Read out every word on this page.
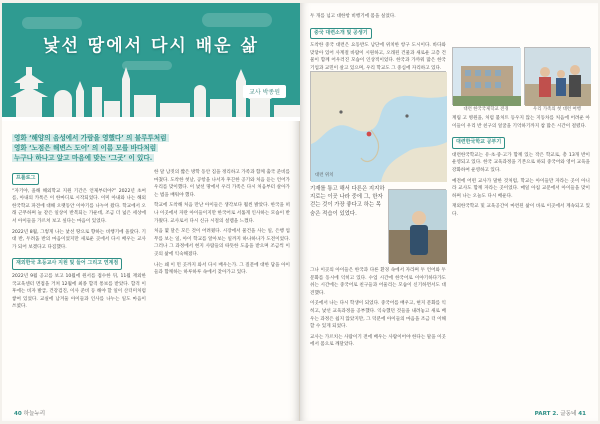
낯선 땅에서 다시 배운 삶
교사 박종원

영화 ‘해양의 음성에서 가람을 영했다’ 의 불루투처럼

영화 ‘노점은 해변스 도어’ 의 이름 모를 바다처럼

누구나 하나고 앞고 마음에 맞는 ‘그곳’ 이 있다.

프롤로그

“자기야, 올해 해외학교 지원 기간은 언제부터야?” 2022년 초여름, 아내의 카톡은 이 한마디로 시작되었다. 이미 아내와 나는 해외 한국학교 파견에 대해 오랫동안 이야기를 나누어 왔다. 학교에서 오래 근무하며 늘 같은 일상이 반복되는 가운데, 조금 더 넓은 세상에서 아이들을 가르쳐 보고 싶다는 마음이 있었다.

2022년 8월, 그렇게 나는 낯선 땅으로 향하는 비행기에 올랐다. 기대 반, 두려움 반의 마음이었지만 새로운 곳에서 다시 배우는 교사가 되어 보겠다고 다짐했다.

재외한국 초등교사 지원 및 들어 그리고 연계점

2022년 9월 공고를 보고 10월에 원서를 접수한 뒤, 11월 재외한국교육센터 면접을 거쳐 12월에 최종 합격 통보를 받았다. 합격 이후에는 비자 발급, 건강검진, 이사 준비 등 해야 할 일이 산더미처럼 쌓여 있었다. 교실에 남겨둘 아이들과 인사를 나누는 일도 마음이 쓰였다.

한 달 남짓의 짧은 방학 동안 짐을 정리하고 가족과 함께 출국 준비를 마쳤다. 도착한 첫날, 공항을 나서자 후끈한 공기와 처음 듣는 언어가 우리를 맞이했다. 이 낯선 땅에서 우리 가족은 다시 처음부터 살아가는 법을 배워야 했다.

학교에 도착해 처음 만난 아이들은 생각보다 훨씬 밝았다. 한국을 떠나 이곳에서 자란 아이들이지만 한국어로 서툴게 인사하는 모습이 반가웠다. 교사로서 다시 신규 시절의 설렘을 느꼈다.

처음 몇 달은 모든 것이 어려웠다. 시장에서 물건을 사는 일, 은행 업무를 보는 일, 아이 학교를 알아보는 일까지 하나하나가 도전이었다. 그러나 그 과정에서 현지 사람들의 따뜻한 도움을 받으며 조금씩 이곳의 삶에 익숙해졌다.

나는 왜 이 먼 곳까지 와서 다시 배우는가. 그 질문에 대한 답을 아이들과 함께하는 하루하루 속에서 찾아가고 있다.

40 하늘누리

두 개를 넘고 대한항 비행기에 몸을 실었다.

중국 대련소개 및 공생기

도착한 중국 대련은 요동반도 남단에 위치한 항구 도시이다. 바다와 맞닿아 있어 사계절 바람이 시원하고, 오래된 건물과 새로운 고층 건물이 함께 어우러진 모습이 인상적이었다. 한국과 가까워 많은 한국 기업과 교민이 살고 있으며, 우리 학교도 그 중심에 자리하고 있다.

대련 위치

기재를 통고 해서 다른은 지지하지로는 이곳 나라 중에 그, 한자 걷는 것이 가장 좋다고 하는 목숨은 적습이 있었다.

그나 이곳의 아이들은 한국과 다른 환경 속에서 자라며 두 언어와 두 문화를 동시에 익히고 있다. 수업 시간에 한국어로 이야기하다가도 쉬는 시간에는 중국어로 친구들과 어울리는 모습이 신기하면서도 대견했다.

이곳에서 나는 다시 학생이 되었다. 중국어를 배우고, 현지 문화를 익히고, 낯선 교육과정을 공부했다. 익숙했던 것들을 내려놓고 새로 배우는 과정은 쉽지 않았지만, 그 덕분에 아이들의 마음을 조금 더 이해할 수 있게 되었다.

교사는 가르치는 사람이기 전에 배우는 사람이어야 한다는 말을 이곳에서 몸으로 깨달았다.

대련 한국국제학교 전경	우리 가족의 첫 대련 여행

계림 고 병원을, 처럼 불처트 등우지 않는 지동차를 처음에 어려운 아이들이 우리 반 친구의 얼굴을 기억하기까지 참 많은 시간이 걸렸다.

대련한국학교 공부기

대련한국학교는 유·초·중·고가 함께 있는 작은 학교로, 총 13개 반이 운영되고 있다. 한국 교육과정을 기본으로 하되 중국어와 영어 교육을 강화하여 운영하고 있다.

예전에 어떤 교사가 말한 것처럼, 학교는 아이들만 자라는 곳이 아니라 교사도 함께 자라는 곳이었다. 매일 아침 교문에서 아이들을 맞이하며 나는 오늘도 다시 배운다.

재외한국학교 및 교육공간이 마련된 삶이 바로 이곳에서 계속되고 있다.

PART 2. 글동네 41
